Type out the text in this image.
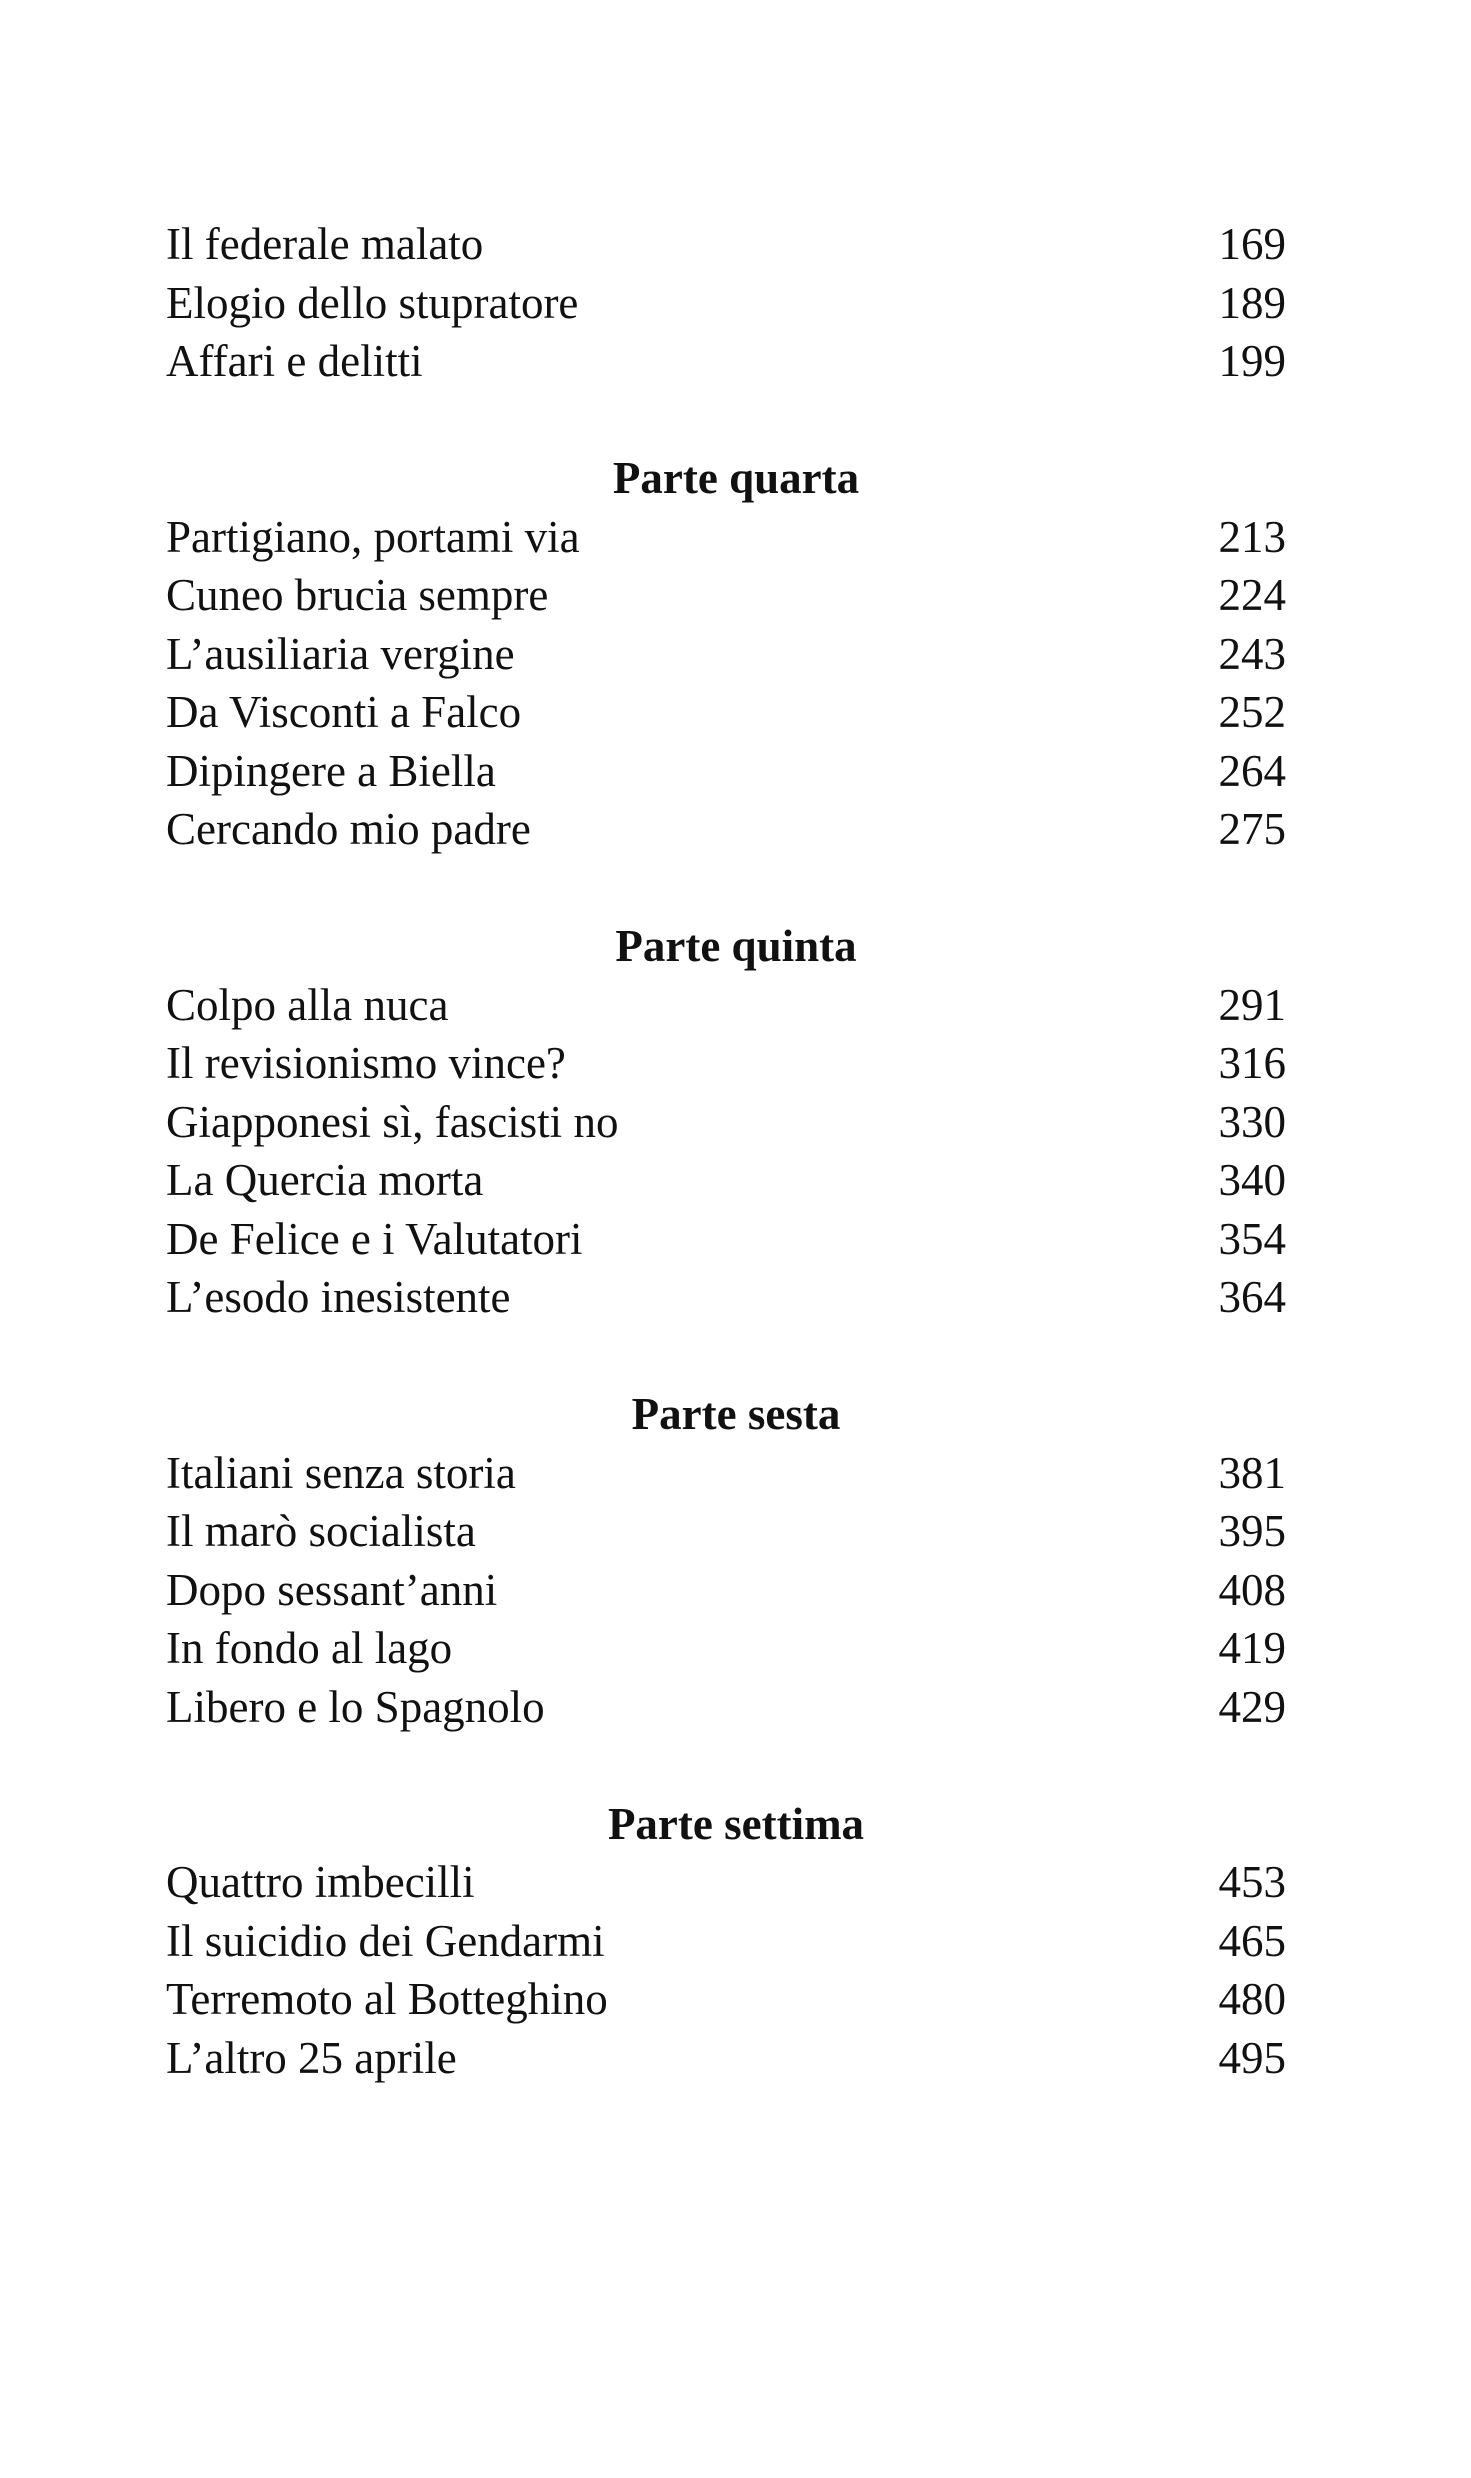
Il federale malato	169
Elogio dello stupratore	189
Affari e delitti	199
Parte quarta
Partigiano, portami via	213
Cuneo brucia sempre	224
L’ausiliaria vergine	243
Da Visconti a Falco	252
Dipingere a Biella	264
Cercando mio padre	275
Parte quinta
Colpo alla nuca	291
Il revisionismo vince?	316
Giapponesi sì, fascisti no	330
La Quercia morta	340
De Felice e i Valutatori	354
L’esodo inesistente	364
Parte sesta
Italiani senza storia	381
Il marò socialista	395
Dopo sessant’anni	408
In fondo al lago	419
Libero e lo Spagnolo	429
Parte settima
Quattro imbecilli	453
Il suicidio dei Gendarmi	465
Terremoto al Botteghino	480
L’altro 25 aprile	495
